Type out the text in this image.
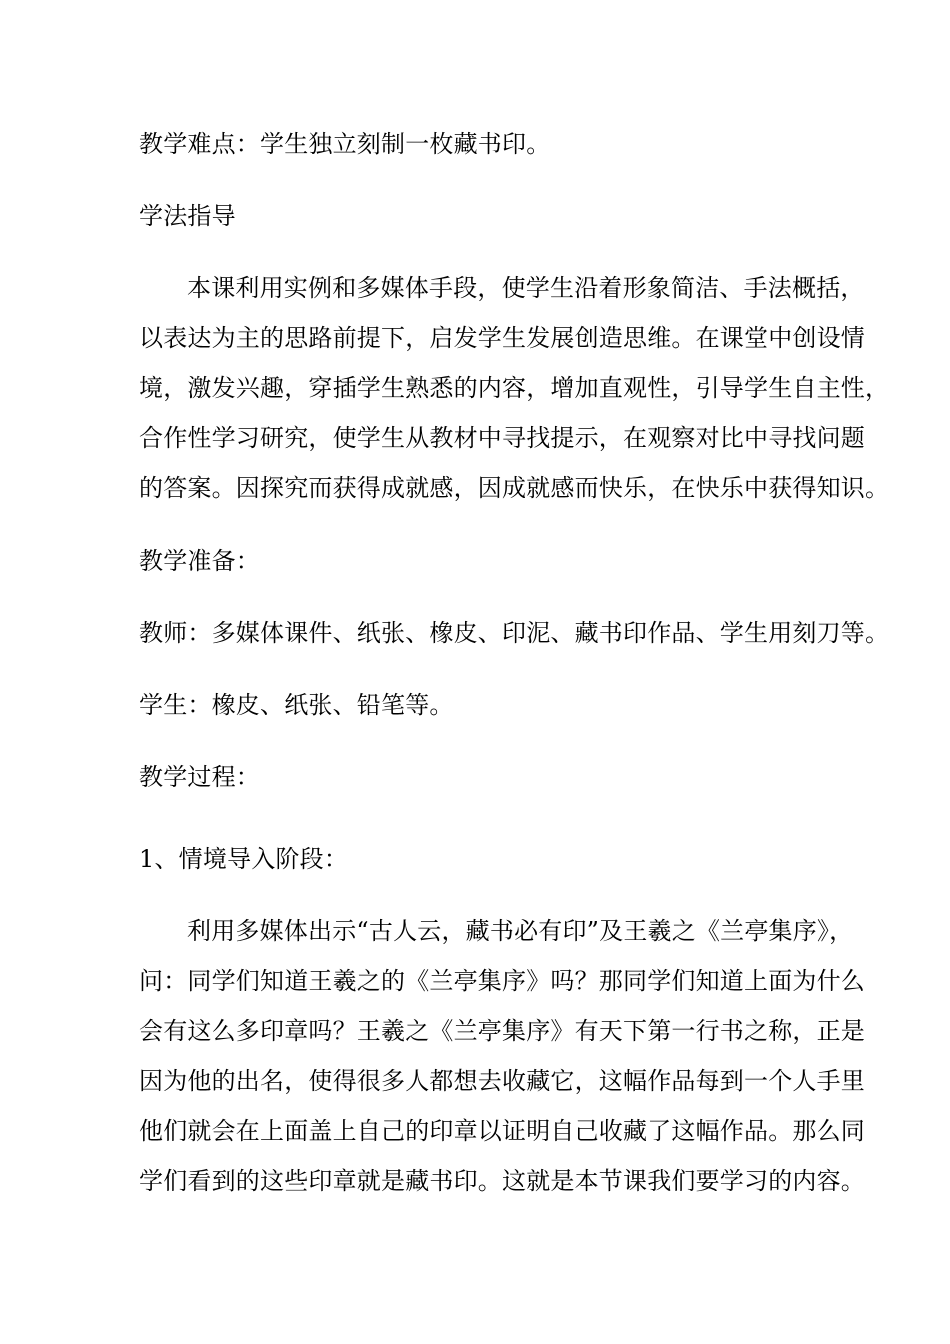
教学难点：学生独立刻制一枚藏书印。
学法指导
本课利用实例和多媒体手段，使学生沿着形象简洁、手法概括，
以表达为主的思路前提下，启发学生发展创造思维。在课堂中创设情
境，激发兴趣，穿插学生熟悉的内容，增加直观性，引导学生自主性，
合作性学习研究，使学生从教材中寻找提示，在观察对比中寻找问题
的答案。因探究而获得成就感，因成就感而快乐，在快乐中获得知识。
教学准备：
教师：多媒体课件、纸张、橡皮、印泥、藏书印作品、学生用刻刀等。
学生：橡皮、纸张、铅笔等。
教学过程：
1、情境导入阶段：
利用多媒体出示“古人云，藏书必有印”及王羲之《兰亭集序》，
问：同学们知道王羲之的《兰亭集序》吗？那同学们知道上面为什么
会有这么多印章吗？王羲之《兰亭集序》有天下第一行书之称，正是
因为他的出名，使得很多人都想去收藏它，这幅作品每到一个人手里
他们就会在上面盖上自己的印章以证明自己收藏了这幅作品。那么同
学们看到的这些印章就是藏书印。这就是本节课我们要学习的内容。
